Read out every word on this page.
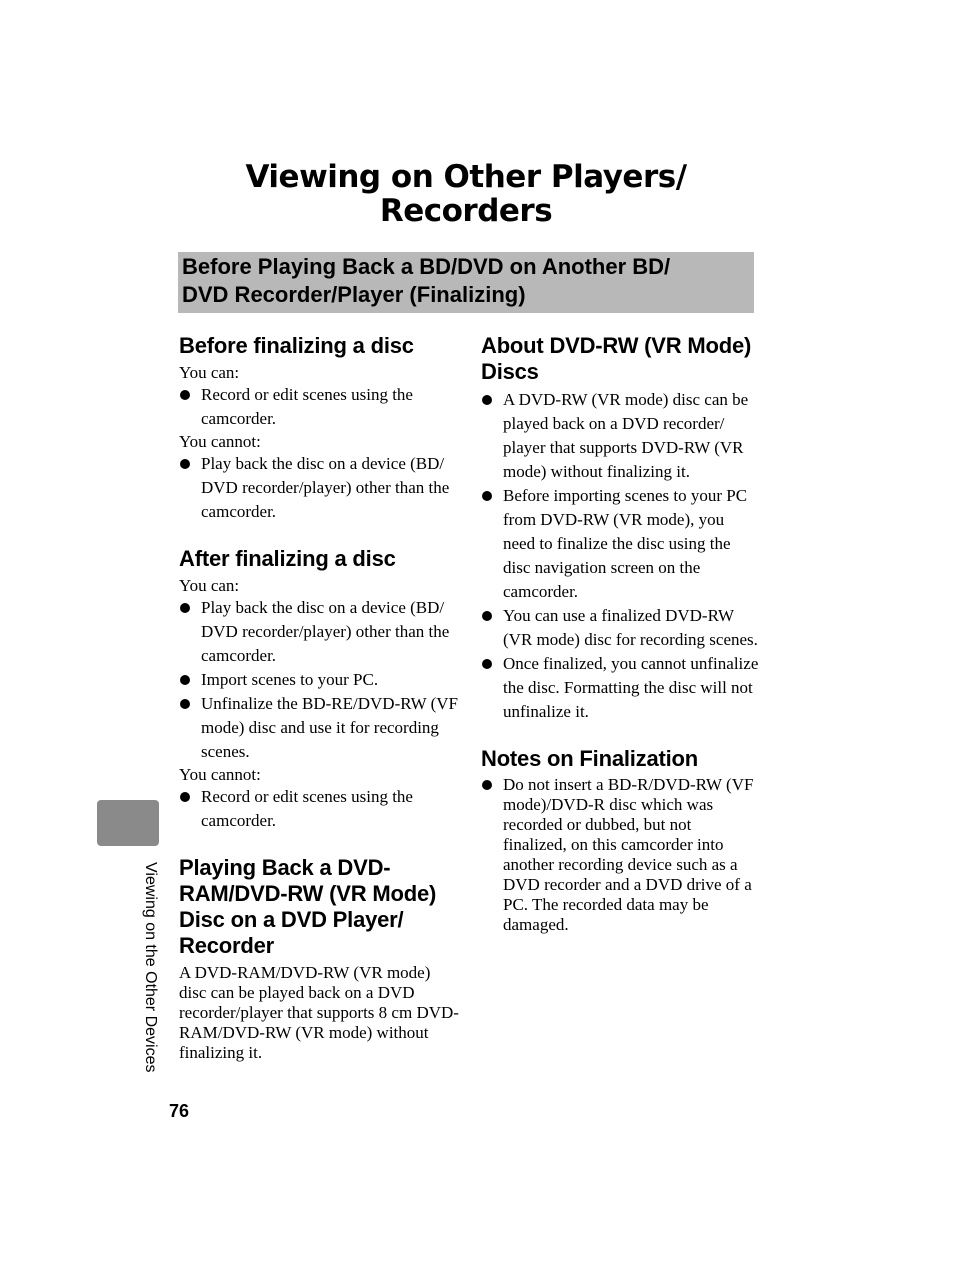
Viewing on Other Players/
Recorders
Before Playing Back a BD/DVD on Another BD/
DVD Recorder/Player (Finalizing)
Before finalizing a disc
You can:
Record or edit scenes using the camcorder.
You cannot:
Play back the disc on a device (BD/ DVD recorder/player) other than the camcorder.
After finalizing a disc
You can:
Play back the disc on a device (BD/ DVD recorder/player) other than the camcorder.
Import scenes to your PC.
Unfinalize the BD-RE/DVD-RW (VF mode) disc and use it for recording scenes.
You cannot:
Record or edit scenes using the camcorder.
Playing Back a DVD-RAM/DVD-RW (VR Mode) Disc on a DVD Player/ Recorder
A DVD-RAM/DVD-RW (VR mode) disc can be played back on a DVD recorder/player that supports 8 cm DVD-RAM/DVD-RW (VR mode) without finalizing it.
About DVD-RW (VR Mode) Discs
A DVD-RW (VR mode) disc can be played back on a DVD recorder/ player that supports DVD-RW (VR mode) without finalizing it.
Before importing scenes to your PC from DVD-RW (VR mode), you need to finalize the disc using the disc navigation screen on the camcorder.
You can use a finalized DVD-RW (VR mode) disc for recording scenes.
Once finalized, you cannot unfinalize the disc. Formatting the disc will not unfinalize it.
Notes on Finalization
Do not insert a BD-R/DVD-RW (VF mode)/DVD-R disc which was recorded or dubbed, but not finalized, on this camcorder into another recording device such as a DVD recorder and a DVD drive of a PC. The recorded data may be damaged.
Viewing on the Other Devices
76
